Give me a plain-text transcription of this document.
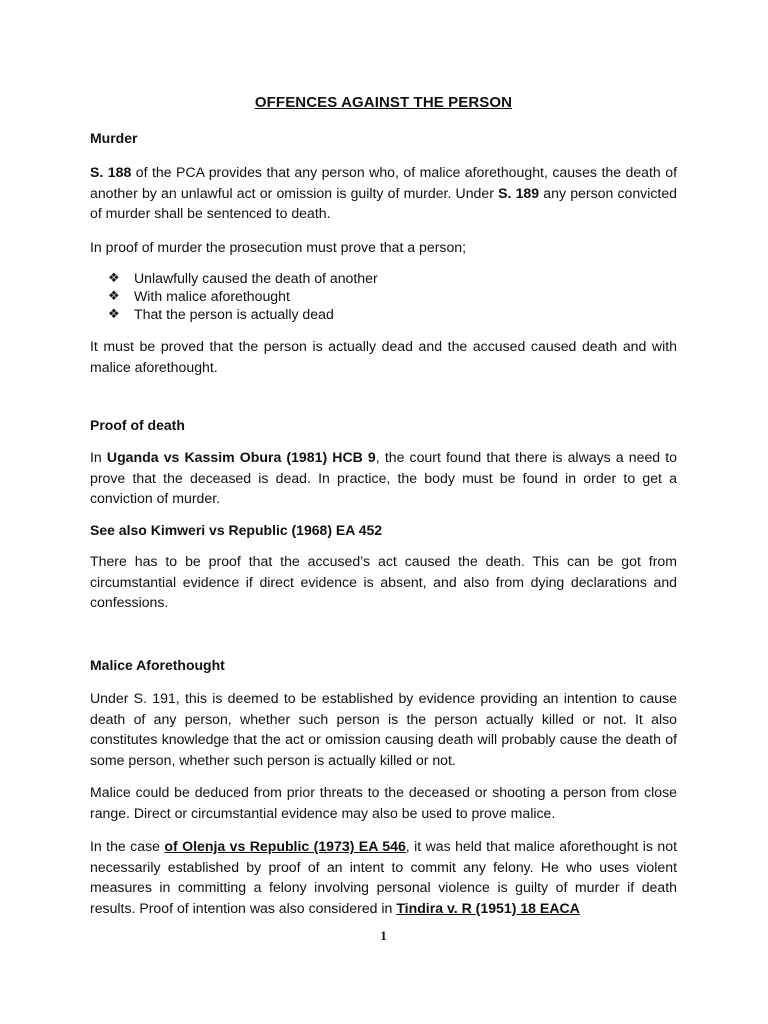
OFFENCES AGAINST THE PERSON
Murder
S. 188 of the PCA provides that any person who, of malice aforethought, causes the death of another by an unlawful act or omission is guilty of murder. Under S. 189 any person convicted of murder shall be sentenced to death.
In proof of murder the prosecution must prove that a person;
❖ Unlawfully caused the death of another
❖ With malice aforethought
❖ That the person is actually dead
It must be proved that the person is actually dead and the accused caused death and with malice aforethought.
Proof of death
In Uganda vs Kassim Obura (1981) HCB 9, the court found that there is always a need to prove that the deceased is dead. In practice, the body must be found in order to get a conviction of murder.
See also Kimweri vs Republic (1968) EA 452
There has to be proof that the accused’s act caused the death. This can be got from circumstantial evidence if direct evidence is absent, and also from dying declarations and confessions.
Malice Aforethought
Under S. 191, this is deemed to be established by evidence providing an intention to cause death of any person, whether such person is the person actually killed or not. It also constitutes knowledge that the act or omission causing death will probably cause the death of some person, whether such person is actually killed or not.
Malice could be deduced from prior threats to the deceased or shooting a person from close range. Direct or circumstantial evidence may also be used to prove malice.
In the case of Olenja vs Republic (1973) EA 546, it was held that malice aforethought is not necessarily established by proof of an intent to commit any felony. He who uses violent measures in committing a felony involving personal violence is guilty of murder if death results. Proof of intention was also considered in Tindira v. R (1951) 18 EACA
1
